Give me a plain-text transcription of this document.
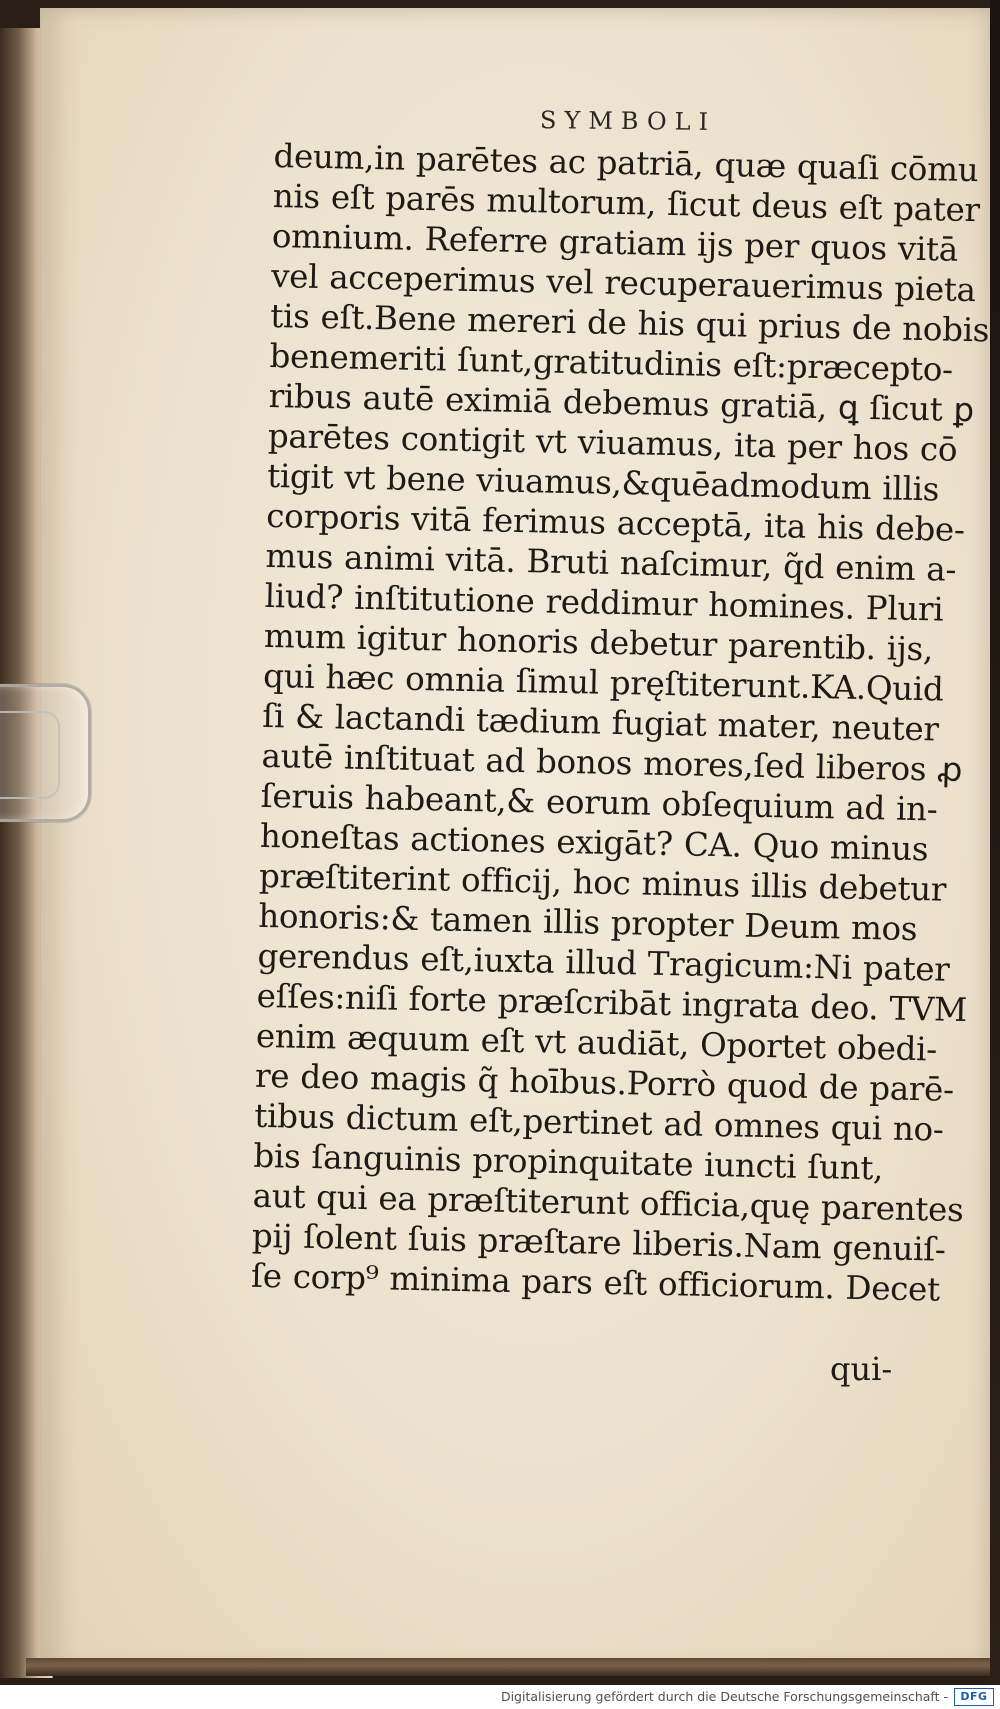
SYMBOLI
deum,in parētes ac patriā, quæ quaſi cōmu
nis eſt parēs multorum, ſicut deus eſt pater
omnium. Referre gratiam ijs per quos vitā
vel acceperimus vel recuperauerimus pieta
tis eſt.Bene mereri de his qui prius de nobis
benemeriti ſunt,gratitudinis eſt:præcepto-
ribus autē eximiā debemus gratiā, ꝗ ſicut ꝑ
parētes contigit vt viuamus, ita per hos cō
tigit vt bene viuamus,&quēadmodum illis
corporis vitā ferimus acceptā, ita his debe-
mus animi vitā. Bruti naſcimur, q̃d enim a-
liud? inſtitutione reddimur homines. Pluri
mum igitur honoris debetur parentib. ijs,
qui hæc omnia ſimul pręſtiterunt.KA.Quid
ſi & lactandi tædium fugiat mater, neuter
autē inſtituat ad bonos mores,ſed liberos ꝓ
ſeruis habeant,& eorum obſequium ad in-
honeſtas actiones exigāt? CA. Quo minus
præſtiterint officij, hoc minus illis debetur
honoris:& tamen illis propter Deum mos
gerendus eſt,iuxta illud Tragicum:Ni pater
eſſes:niſi forte præſcribāt ingrata deo. TVM
enim æquum eſt vt audiāt, Oportet obedi-
re deo magis q̃ hoībus.Porrò quod de parē-
tibus dictum eſt,pertinet ad omnes qui no-
bis ſanguinis propinquitate iuncti ſunt,
aut qui ea præſtiterunt officia,quę parentes
pij ſolent ſuis præſtare liberis.Nam genuiſ-
ſe corp⁹ minima pars eſt officiorum. Decet
qui-
Digitalisierung gefördert durch die Deutsche Forschungsgemeinschaft -	DFG
